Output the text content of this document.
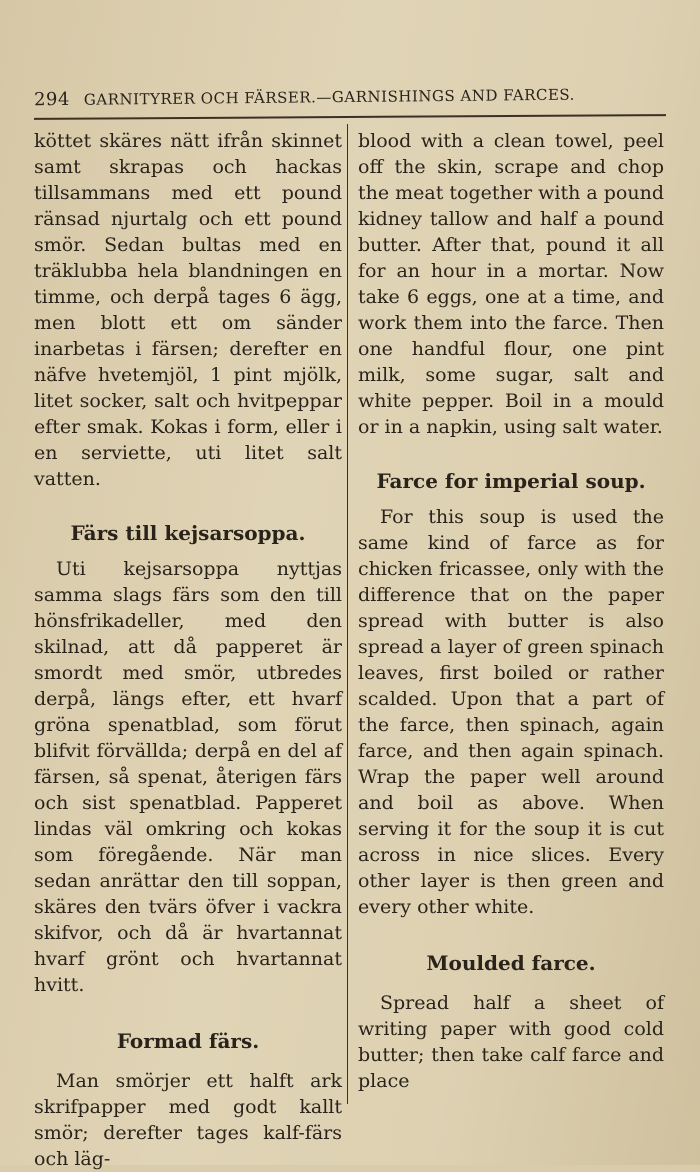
294 GARNITYRER OCH FÄRSER.—GARNISHINGS AND FARCES.

köttet skäres nätt ifrån skinnet samt skrapas och hackas tillsammans med ett pound ränsad njurtalg och ett pound smör. Sedan bultas med en träklubba hela blandningen en timme, och derpå tages 6 ägg, men blott ett om sänder inarbetas i färsen; derefter en näfve hvetemjöl, 1 pint mjölk, litet socker, salt och hvitpeppar efter smak. Kokas i form, eller i en serviette, uti litet salt vatten.

Färs till kejsarsoppa.

Uti kejsarsoppa nyttjas samma slags färs som den till hönsfrikadeller, med den skilnad, att då papperet är smordt med smör, utbredes derpå, längs efter, ett hvarf gröna spenatblad, som förut blifvit förvällda; derpå en del af färsen, så spenat, återigen färs och sist spenatblad. Papperet lindas väl omkring och kokas som föregående. När man sedan anrättar den till soppan, skäres den tvärs öfver i vackra skifvor, och då är hvartannat hvarf grönt och hvartannat hvitt.

Formad färs.

Man smörjer ett halft ark skrifpapper med godt kallt smör; derefter tages kalf-färs och läg-

blood with a clean towel, peel off the skin, scrape and chop the meat together with a pound kidney tallow and half a pound butter. After that, pound it all for an hour in a mortar. Now take 6 eggs, one at a time, and work them into the farce. Then one handful flour, one pint milk, some sugar, salt and white pepper. Boil in a mould or in a napkin, using salt water.

Farce for imperial soup.

For this soup is used the same kind of farce as for chicken fricassee, only with the difference that on the paper spread with butter is also spread a layer of green spinach leaves, first boiled or rather scalded. Upon that a part of the farce, then spinach, again farce, and then again spinach. Wrap the paper well around and boil as above. When serving it for the soup it is cut across in nice slices. Every other layer is then green and every other white.

Moulded farce.

Spread half a sheet of writing paper with good cold butter; then take calf farce and place
